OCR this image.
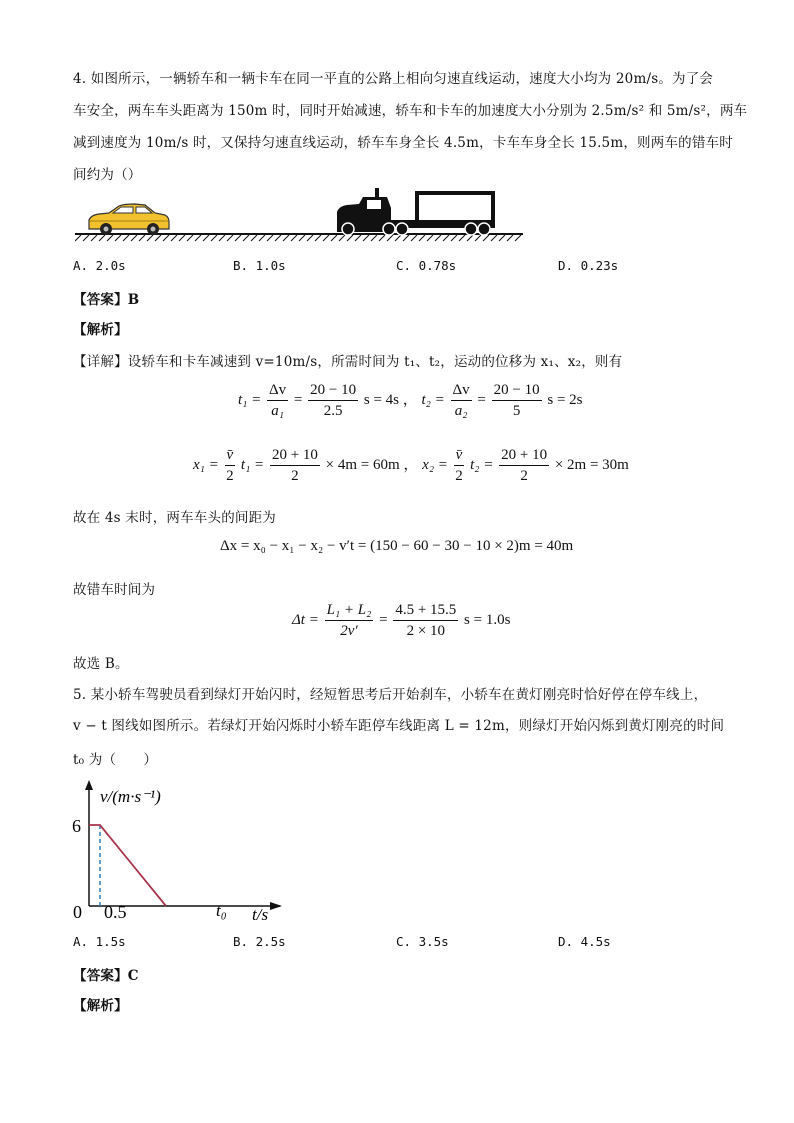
4. 如图所示，一辆轿车和一辆卡车在同一平直的公路上相向匀速直线运动，速度大小均为 20m/s。为了会
车安全，两车车头距离为 150m 时，同时开始减速，轿车和卡车的加速度大小分别为 2.5m/s² 和 5m/s²，两车
减到速度为 10m/s 时，又保持匀速直线运动，轿车车身全长 4.5m，卡车车身全长 15.5m，则两车的错车时
间约为（）
A. 2.0s	B. 1.0s	C. 0.78s	D. 0.23s
【答案】B
【解析】
【详解】设轿车和卡车减速到 v=10m/s，所需时间为 t₁、t₂，运动的位移为 x₁、x₂，则有
$t_1 = \frac{\Delta v}{\text{a₁}} = \frac{20 - 10}{2.5}$ s = 4s ， $t_2 = \frac{\Delta v}{\text{a₂}} = \frac{20 - 10}{5}$ s = 2s
$x_1 = \frac{v̄}{2} t_1 = \frac{20 + 10}{2} \times 4m = 60m$ ， $x_2 = \frac{v̄}{2} t_2 = \frac{20 + 10}{2} \times 2m = 30m$
故在 4s 末时，两车车头的间距为
Δx = x₀ − x₁ − x₂ − v′t = (150 − 60 − 30 − 10 × 2)m = 40m
故错车时间为
$\Delta t = \frac{\text{L₁ + L₂}}{2v'} = \frac{4.5 + 15.5}{2 \times 10}$ s = 1.0s
故选 B。
5. 某小轿车驾驶员看到绿灯开始闪时，经短暂思考后开始刹车，小轿车在黄灯刚亮时恰好停在停车线上，
v − t 图线如图所示。若绿灯开始闪烁时小轿车距停车线距离 L = 12m，则绿灯开始闪烁到黄灯刚亮的时间
t₀ 为（　　）
v/(m·s⁻¹)
t/s
6
0 0.5	t₀
A. 1.5s	B. 2.5s	C. 3.5s	D. 4.5s
【答案】C
【解析】
